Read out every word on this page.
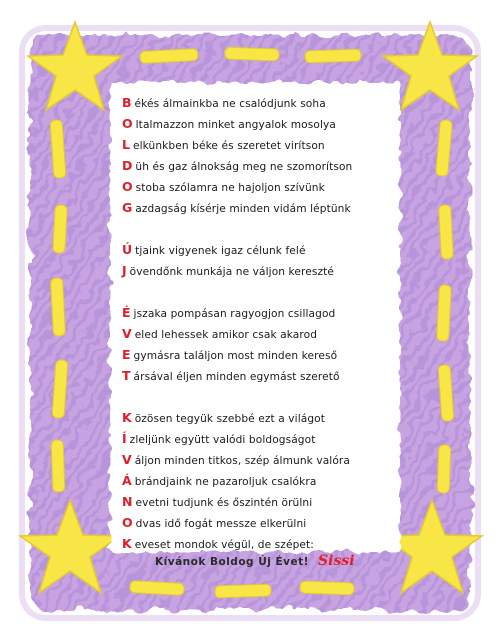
B ékés álmainkba ne csalódjunk soha
O ltalmazzon minket angyalok mosolya
L elkünkben béke és szeretet virítson
D üh és gaz álnokság meg ne szomorítson
O stoba szólamra ne hajoljon szívünk
G azdagság kísérje minden vidám léptünk
Ú tjaink vigyenek igaz célunk felé
J övendőnk munkája ne váljon kereszté
É jszaka pompásan ragyogjon csillagod
V eled lehessek amikor csak akarod
E gymásra találjon most minden kereső
T ársával éljen minden egymást szerető
K özösen tegyük szebbé ezt a világot
Í zleljünk együtt valódi boldogságot
V áljon minden titkos, szép álmunk valóra
Á brándjaink ne pazaroljuk csalókra
N evetni tudjunk és őszintén örülni
O dvas idő fogát messze elkerülni
K eveset mondok végül, de szépet:
Kívánok Boldog Új Évet! Sissi
